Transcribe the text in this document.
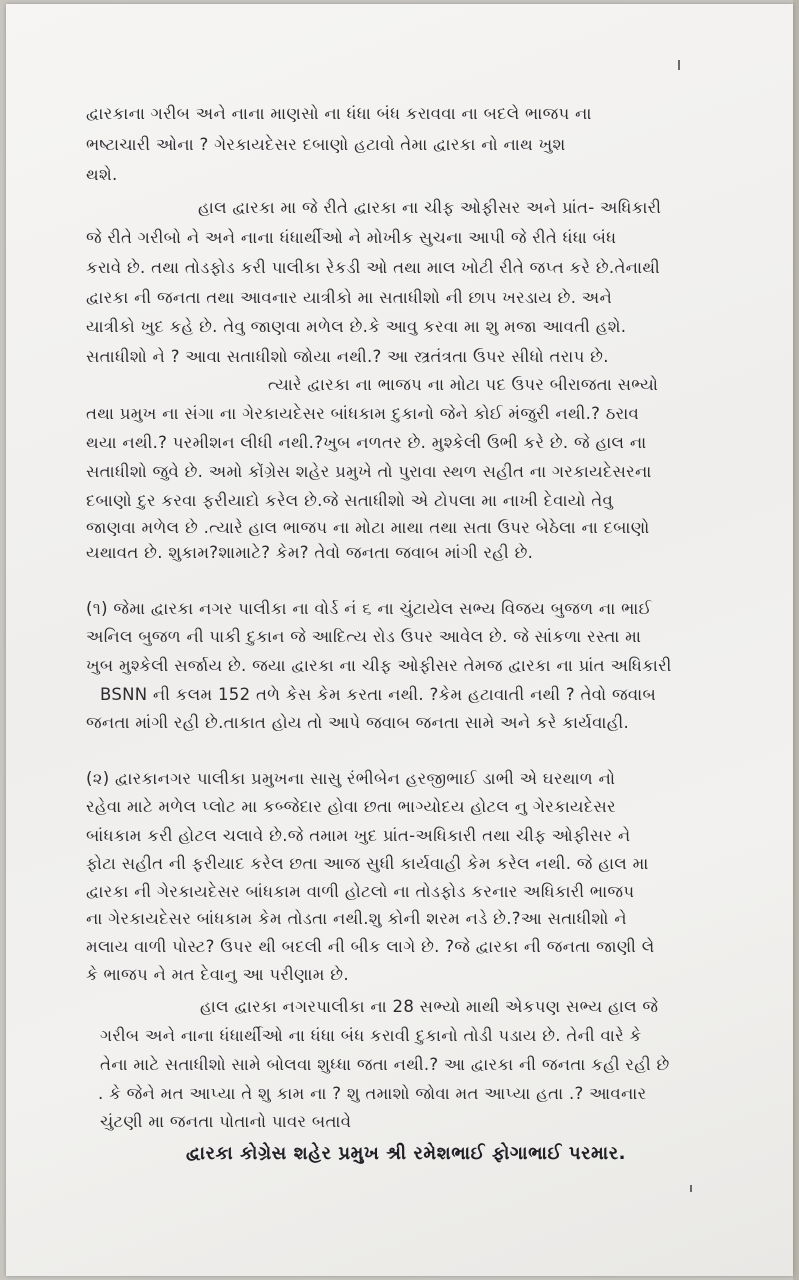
દ્વારકાના ગરીબ અને નાના માણસો ના ધંધા બંધ કરાવવા ના બદલે ભાજપ ના

ભષ્ટાચારી ઓના ? ગેરકાયદેસર દબાણો હટાવો તેમા દ્વારકા નો નાથ ખુશ

થશે.

હાલ દ્વારકા મા જે રીતે દ્વારકા ના ચીફ ઓફીસર અને પ્રાંત- અધિકારી

જે રીતે ગરીબો ને અને નાના ધંધાર્થીઓ ને મોખીક સુચના આપી જે રીતે ધંધા બંધ

કરાવે છે. તથા તોડફોડ કરી પાલીકા રેકડી ઓ તથા માલ ખોટી રીતે જપ્ત કરે છે.તેનાથી

દ્વારકા ની જનતા તથા આવનાર યાત્રીકો મા સતાધીશો ની છાપ ખરડાય છે. અને

યાત્રીકો ખુદ કહે છે. તેવુ જાણવા મળેલ છે.કે આવુ કરવા મા શુ મજા આવતી હશે.

સતાધીશો ને ? આવા સતાધીશો જોયા નથી.? આ સ્ત્રતંત્રતા ઉપર સીધો તરાપ છે.

ત્યારે દ્વારકા ના ભાજપ ના મોટા પદ ઉપર બીરાજતા સભ્યો

તથા પ્રમુખ ના સંગા ના ગેરકાયદેસર બાંધકામ દુકાનો જેને કોઈ મંજુરી નથી.? ઠરાવ

થયા નથી.? પરમીશન લીધી નથી.?ખુબ નળતર છે. મુશ્કેલી ઉભી કરે છે. જે હાલ ના

સતાધીશો જુવે છે. અમો કોંગ્રેસ શહેર પ્રમુખે તો પુરાવા સ્થળ સહીત ના ગરકાયદેસરના

દબાણો દુર કરવા ફરીયાદો કરેલ છે.જે સતાધીશો એ ટોપલા મા નાખી દેવાયો તેવુ

જાણવા મળેલ છે .ત્યારે હાલ ભાજપ ના મોટા માથા તથા સતા ઉપર બેઠેલા ના દબાણો

યથાવત છે. શુકામ?શામાટે? કેમ? તેવો જનતા જવાબ માંગી રહી છે.

(૧) જેમા દ્વારકા નગર પાલીકા ના વોર્ડ નં ૬ ના ચુંટાયેલ સભ્ય વિજય બુજળ ના ભાઈ

અનિલ બુજળ ની પાકી દુકાન જે આદિત્ય રોડ ઉપર આવેલ છે. જે સાંકળા રસ્તા મા

ખુબ મુશ્કેલી સર્જાય છે. જયા દ્વારકા ના ચીફ ઓફીસર તેમજ દ્વારકા ના પ્રાંત અધિકારી

BSNN ની કલમ 152 તળે કેસ કેમ કરતા નથી. ?કેમ હટાવાતી નથી ? તેવો જવાબ

જનતા માંગી રહી છે.તાકાત હોય તો આપે જવાબ જનતા સામે અને કરે કાર્યવાહી.

(૨) દ્વારકાનગર પાલીકા પ્રમુખના સાસુ રંભીબેન હરજીભાઈ ડાભી એ ઘરથાળ નો

રહેવા માટે મળેલ પ્લોટ મા કબ્જેદાર હોવા છતા ભાગ્યોદય હોટલ નુ ગેરકાયદેસર

બાંધકામ કરી હોટલ ચલાવે છે.જે તમામ ખુદ પ્રાંત-અધિકારી તથા ચીફ ઓફીસર ને

ફોટા સહીત ની ફરીયાદ કરેલ છતા આજ સુધી કાર્યવાહી કેમ કરેલ નથી. જે હાલ મા

દ્વારકા ની ગેરકાયદેસર બાંધકામ વાળી હોટલો ના તોડફોડ કરનાર અધિકારી ભાજપ

ના ગેરકાયદેસર બાંધકામ કેમ તોડતા નથી.શુ કોની શરમ નડે છે.?આ સતાધીશો ને

મલાય વાળી પોસ્ટ? ઉપર થી બદલી ની બીક લાગે છે. ?જે દ્વારકા ની જનતા જાણી લે

કે ભાજપ ને મત દેવાનુ આ પરીણામ છે.

હાલ દ્વારકા નગરપાલીકા ના 28 સભ્યો માથી એકપણ સભ્ય હાલ જે

ગરીબ અને નાના ધંધાર્થીઓ ના ધંધા બંધ કરાવી દુકાનો તોડી પડાય છે. તેની વારે કે

તેના માટે સતાધીશો સામે બોલવા શુધ્ધા જતા નથી.? આ દ્વારકા ની જનતા કહી રહી છે

. કે જેને મત આપ્યા તે શુ કામ ના ? શુ તમાશો જોવા મત આપ્યા હતા .? આવનાર

ચુંટણી મા જનતા પોતાનો પાવર બતાવે

દ્વારકા કોગ્રેસ શહેર પ્રમુખ શ્રી રમેશભાઈ ફોગાભાઈ પરમાર.
